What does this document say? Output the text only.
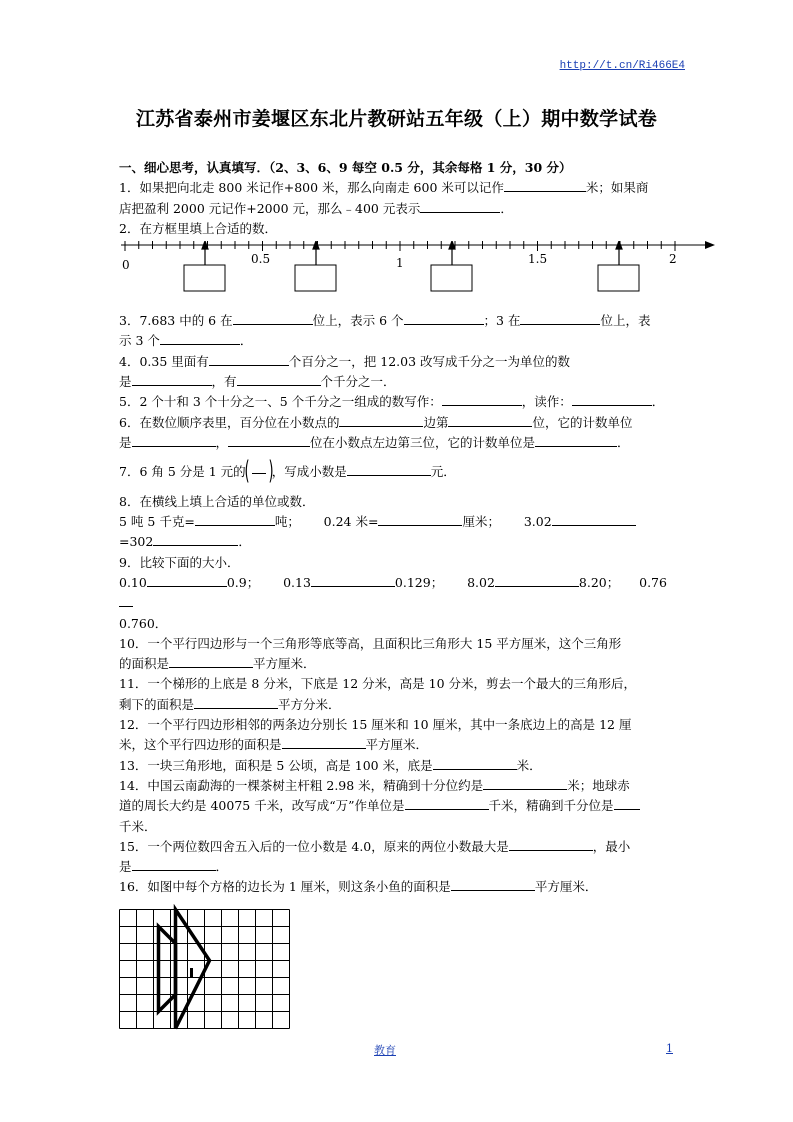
http://t.cn/Ri466E4
江苏省泰州市姜堰区东北片教研站五年级（上）期中数学试卷

一、细心思考，认真填写．（2、3、6、9 每空 0.5 分，其余每格 1 分，30 分）

1．如果把向北走 800 米记作+800 米，那么向南走 600 米可以记作	米；如果商
店把盈利 2000 元记作+2000 元，那么﹣400 元表示	．

2．在方框里填上合适的数．

0	0.5	1	1.5	2

3．7.683 中的 6 在	位上，表示 6 个	；3 在	位上，表
示 3 个	．

4．0.35 里面有	个百分之一，把 12.03 改写成千分之一为单位的数
是	，有	个千分之一．

5．2 个十和 3 个十分之一、5 个千分之一组成的数写作：	，读作：	．

6．在数位顺序表里，百分位在小数点的	边第	位，它的计数单位
是	，	位在小数点左边第三位，它的计数单位是	．

7．6 角 5 分是 1 元的
( )
，写成小数是	元．

8．在横线上填上合适的单位或数．

5 吨 5 千克=	吨； 0.24 米=	厘米； 3.02
=302	．

9．比较下面的大小．

0.10	0.9； 0.13	0.129； 8.02	8.20； 0.76
0.760．

10．一个平行四边形与一个三角形等底等高，且面积比三角形大 15 平方厘米，这个三角形
的面积是	平方厘米．

11．一个梯形的上底是 8 分米，下底是 12 分米，高是 10 分米，剪去一个最大的三角形后，
剩下的面积是	平方分米．

12．一个平行四边形相邻的两条边分别长 15 厘米和 10 厘米，其中一条底边上的高是 12 厘
米，这个平行四边形的面积是	平方厘米．

13．一块三角形地，面积是 5 公顷，高是 100 米，底是	米．

14．中国云南勐海的一棵茶树主杆粗 2.98 米，精确到十分位约是	米；地球赤
道的周长大约是 40075 千米，改写成“万”作单位是	千米，精确到千分位是
千米．

15．一个两位数四舍五入后的一位小数是 4.0，原来的两位小数最大是	，最小
是	．

16．如图中每个方格的边长为 1 厘米，则这条小鱼的面积是	平方厘米．

教育	1
